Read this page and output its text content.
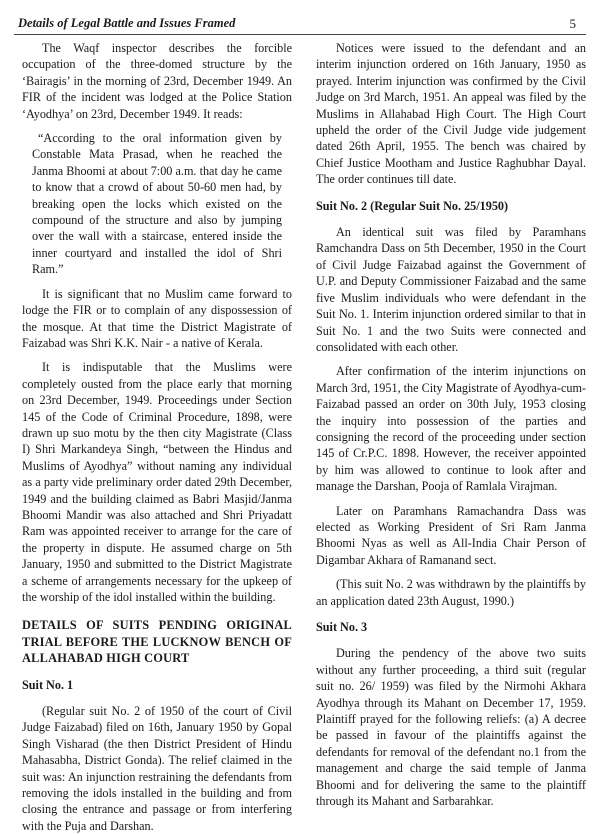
Details of Legal Battle and Issues Framed	5

The Waqf inspector describes the forcible occupation of the three-domed structure by the ‘Bairagis’ in the morning of 23rd, December 1949. An FIR of the incident was lodged at the Police Station ‘Ayodhya’ on 23rd, December 1949. It reads:

“According to the oral information given by Constable Mata Prasad, when he reached the Janma Bhoomi at about 7:00 a.m. that day he came to know that a crowd of about 50-60 men had, by breaking open the locks which existed on the compound of the structure and also by jumping over the wall with a staircase, entered inside the inner courtyard and installed the idol of Shri Ram.”

It is significant that no Muslim came forward to lodge the FIR or to complain of any dispossession of the mosque. At that time the District Magistrate of Faizabad was Shri K.K. Nair - a native of Kerala.

It is indisputable that the Muslims were completely ousted from the place early that morning on 23rd December, 1949. Proceedings under Section 145 of the Code of Criminal Procedure, 1898, were drawn up suo motu by the then city Magistrate (Class I) Shri Markandeya Singh, “between the Hindus and Muslims of Ayodhya” without naming any individual as a party vide preliminary order dated 29th December, 1949 and the building claimed as Babri Masjid/Janma Bhoomi Mandir was also attached and Shri Priyadatt Ram was appointed receiver to arrange for the care of the property in dispute. He assumed charge on 5th January, 1950 and submitted to the District Magistrate a scheme of arrangements necessary for the upkeep of the worship of the idol installed within the building.

DETAILS OF SUITS PENDING ORIGINAL TRIAL BEFORE THE LUCKNOW BENCH OF ALLAHABAD HIGH COURT
Suit No. 1

(Regular suit No. 2 of 1950 of the court of Civil Judge Faizabad) filed on 16th, January 1950 by Gopal Singh Visharad (the then District President of Hindu Mahasabha, District Gonda). The relief claimed in the suit was: An injunction restraining the defendants from removing the idols installed in the building and from closing the entrance and passage or from interfering with the Puja and Darshan.

Notices were issued to the defendant and an interim injunction ordered on 16th January, 1950 as prayed. Interim injunction was confirmed by the Civil Judge on 3rd March, 1951. An appeal was filed by the Muslims in Allahabad High Court. The High Court upheld the order of the Civil Judge vide judgement dated 26th April, 1955. The bench was chaired by Chief Justice Mootham and Justice Raghubhar Dayal. The order continues till date.

Suit No. 2 (Regular Suit No. 25/1950)

An identical suit was filed by Paramhans Ramchandra Dass on 5th December, 1950 in the Court of Civil Judge Faizabad against the Government of U.P. and Deputy Commissioner Faizabad and the same five Muslim individuals who were defendant in the Suit No. 1. Interim injunction ordered similar to that in Suit No. 1 and the two Suits were connected and consolidated with each other.

After confirmation of the interim injunctions on March 3rd, 1951, the City Magistrate of Ayodhya-cum-Faizabad passed an order on 30th July, 1953 closing the inquiry into possession of the parties and consigning the record of the proceeding under section 145 of Cr.P.C. 1898. However, the receiver appointed by him was allowed to continue to look after and manage the Darshan, Pooja of Ramlala Virajman.

Later on Paramhans Ramachandra Dass was elected as Working President of Sri Ram Janma Bhoomi Nyas as well as All-India Chair Person of Digambar Akhara of Ramanand sect.

(This suit No. 2 was withdrawn by the plaintiffs by an application dated 23th August, 1990.)

Suit No. 3

During the pendency of the above two suits without any further proceeding, a third suit (regular suit no. 26/ 1959) was filed by the Nirmohi Akhara Ayodhya through its Mahant on December 17, 1959. Plaintiff prayed for the following reliefs: (a) A decree be passed in favour of the plaintiffs against the defendants for removal of the defendant no.1 from the management and charge the said temple of Janma Bhoomi and for delivering the same to the plaintiff through its Mahant and Sarbarahkar.
